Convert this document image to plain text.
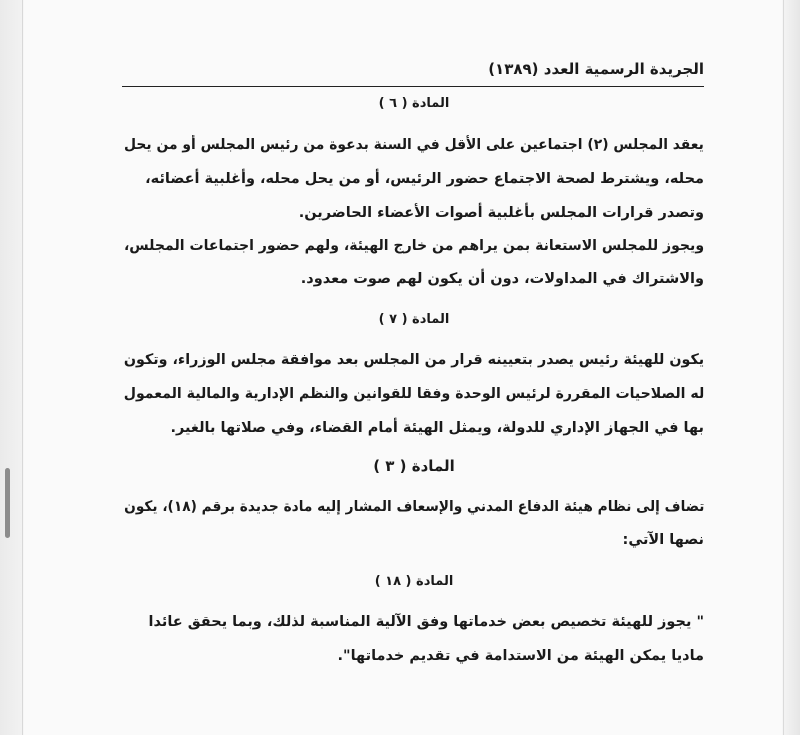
الجريدة الرسمية العدد (١٣٨٩)
المادة ( ٦ )
يعقد المجلس (٢) اجتماعين على الأقل في السنة بدعوة من رئيس المجلس أو من يحل
محله، ويشترط لصحة الاجتماع حضور الرئيس، أو من يحل محله، وأغلبية أعضائه،
وتصدر قرارات المجلس بأغلبية أصوات الأعضاء الحاضرين.
ويجوز للمجلس الاستعانة بمن يراهم من خارج الهيئة، ولهم حضور اجتماعات المجلس،
والاشتراك في المداولات، دون أن يكون لهم صوت معدود.
المادة ( ٧ )
يكون للهيئة رئيس يصدر بتعيينه قرار من المجلس بعد موافقة مجلس الوزراء، وتكون
له الصلاحيات المقررة لرئيس الوحدة وفقا للقوانين والنظم الإدارية والمالية المعمول
بها في الجهاز الإداري للدولة، ويمثل الهيئة أمام القضاء، وفي صلاتها بالغير.
المادة ( ٣ )
تضاف إلى نظام هيئة الدفاع المدني والإسعاف المشار إليه مادة جديدة برقم (١٨)، يكون
نصها الآتي:
المادة ( ١٨ )
" يجوز للهيئة تخصيص بعض خدماتها وفق الآلية المناسبة لذلك، وبما يحقق عائدا
ماديا يمكن الهيئة من الاستدامة في تقديم خدماتها".
